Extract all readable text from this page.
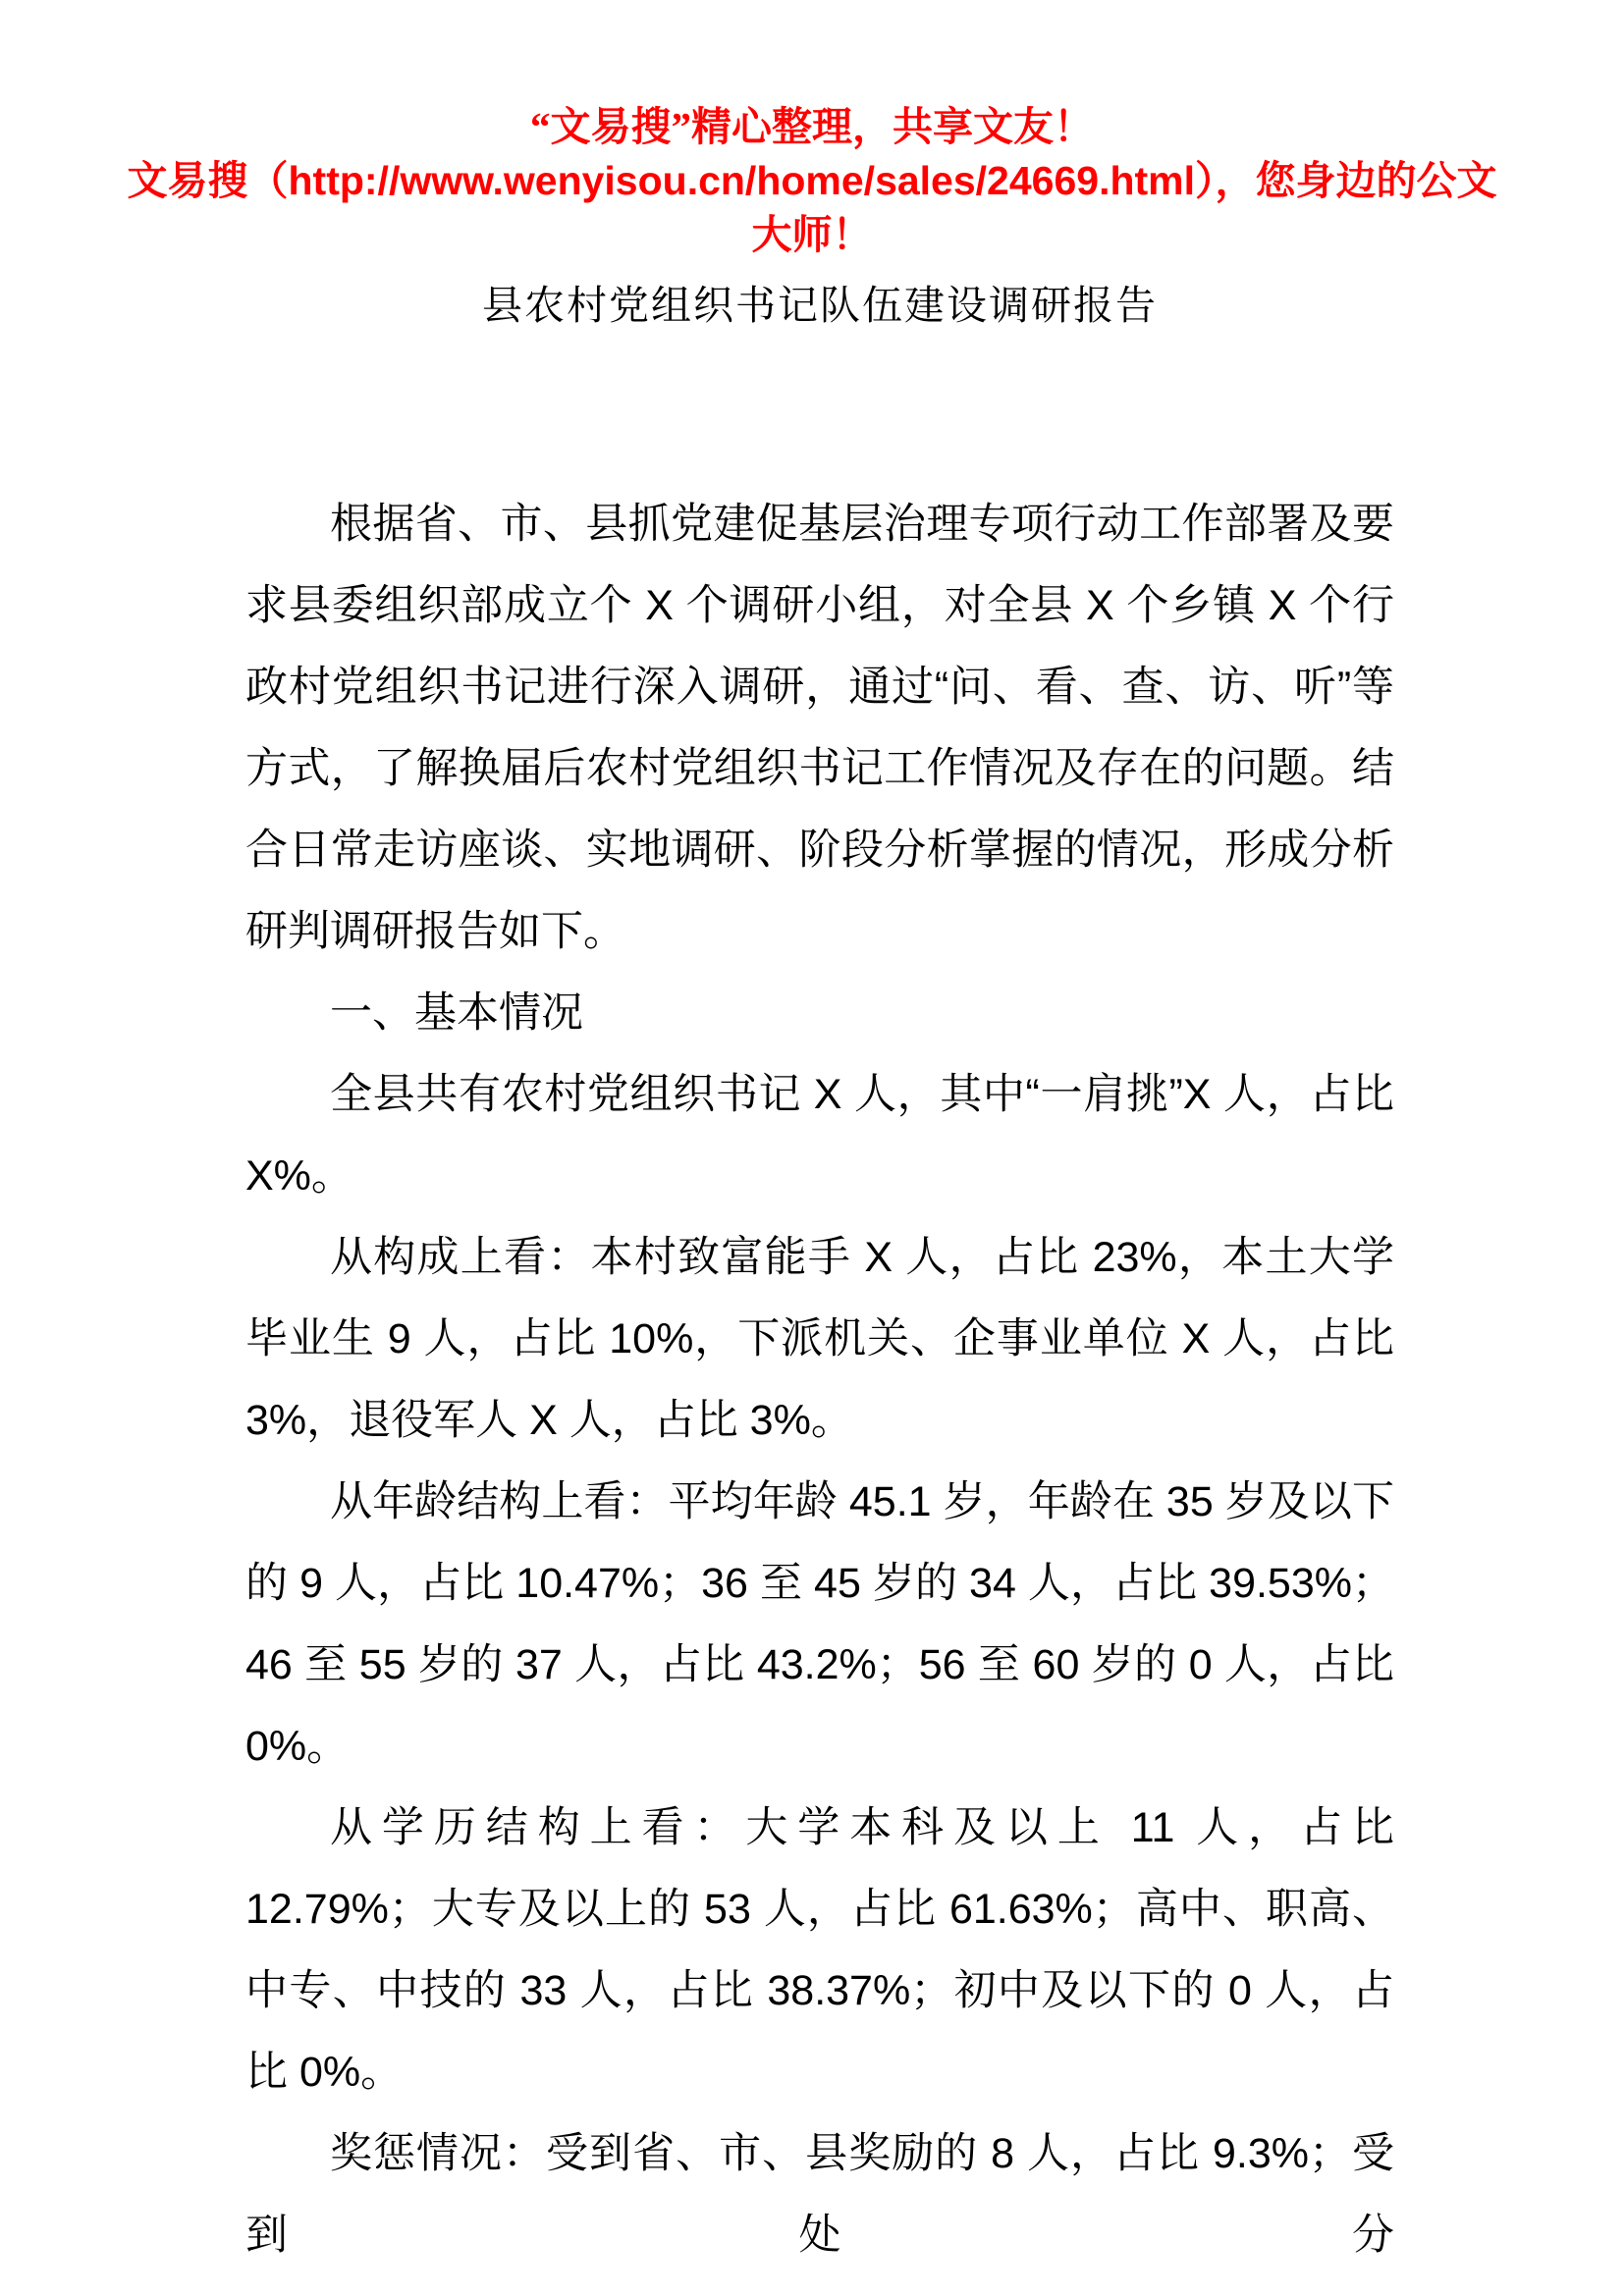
“文易搜”精心整理，共享文友！
文易搜（http://www.wenyisou.cn/home/sales/24669.html），您身边的公文大师！
县农村党组织书记队伍建设调研报告

根据省、市、县抓党建促基层治理专项行动工作部署及要求县委组织部成立个 X 个调研小组，对全县 X 个乡镇 X 个行政村党组织书记进行深入调研，通过“问、看、查、访、听”等方式，了解换届后农村党组织书记工作情况及存在的问题。结合日常走访座谈、实地调研、阶段分析掌握的情况，形成分析研判调研报告如下。

一、基本情况

全县共有农村党组织书记 X 人，其中“一肩挑”X 人，占比 X%。

从构成上看：本村致富能手 X 人，占比 23%，本土大学毕业生 9 人，占比 10%，下派机关、企事业单位 X 人，占比 3%，退役军人 X 人，占比 3%。

从年龄结构上看：平均年龄 45.1 岁，年龄在 35 岁及以下的 9 人，占比 10.47%；36 至 45 岁的 34 人，占比 39.53%；46 至 55 岁的 37 人，占比 43.2%；56 至 60 岁的 0 人，占比 0%。

从学历结构上看：大学本科及以上 11 人，占比 12.79%；大专及以上的 53 人，占比 61.63%；高中、职高、中专、中技的 33 人，占比 38.37%；初中及以下的 0 人，占比 0%。

奖惩情况：受到省、市、县奖励的 8 人，占比 9.3%；受到处分
